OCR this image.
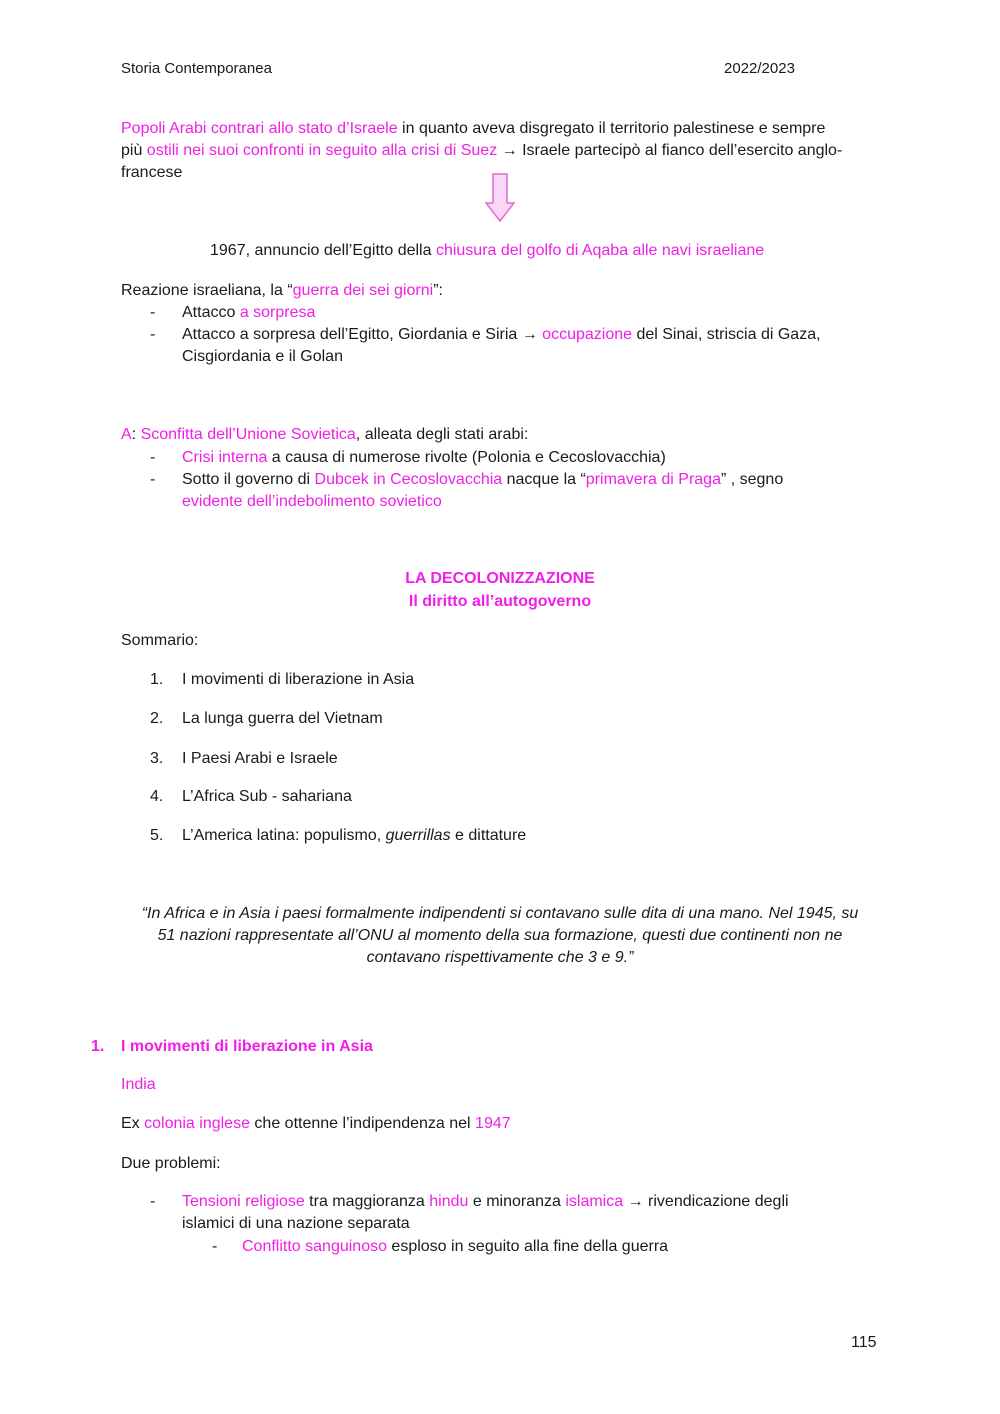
Storia Contemporanea	2022/2023
Popoli Arabi contrari allo stato d’Israele in quanto aveva disgregato il territorio palestinese e sempre
più ostili nei suoi confronti in seguito alla crisi di Suez → Israele partecipò al fianco dell’esercito anglo-
francese
1967, annuncio dell’Egitto della chiusura del golfo di Aqaba alle navi israeliane
Reazione israeliana, la “guerra dei sei giorni”:
- Attacco a sorpresa
- Attacco a sorpresa dell’Egitto, Giordania e Siria → occupazione del Sinai, striscia di Gaza,
Cisgiordania e il Golan
A: Sconfitta dell’Unione Sovietica, alleata degli stati arabi:
- Crisi interna a causa di numerose rivolte (Polonia e Cecoslovacchia)
- Sotto il governo di Dubcek in Cecoslovacchia nacque la “primavera di Praga” , segno
evidente dell’indebolimento sovietico
LA DECOLONIZZAZIONE
Il diritto all’autogoverno
Sommario:
1. I movimenti di liberazione in Asia
2. La lunga guerra del Vietnam
3. I Paesi Arabi e Israele
4. L’Africa Sub - sahariana
5. L’America latina: populismo, guerrillas e dittature
“In Africa e in Asia i paesi formalmente indipendenti si contavano sulle dita di una mano. Nel 1945, su
51 nazioni rappresentate all’ONU al momento della sua formazione, questi due continenti non ne
contavano rispettivamente che 3 e 9.”
1. I movimenti di liberazione in Asia
India
Ex colonia inglese che ottenne l’indipendenza nel 1947
Due problemi:
- Tensioni religiose tra maggioranza hindu e minoranza islamica → rivendicazione degli
islamici di una nazione separata
- Conflitto sanguinoso esploso in seguito alla fine della guerra
115
